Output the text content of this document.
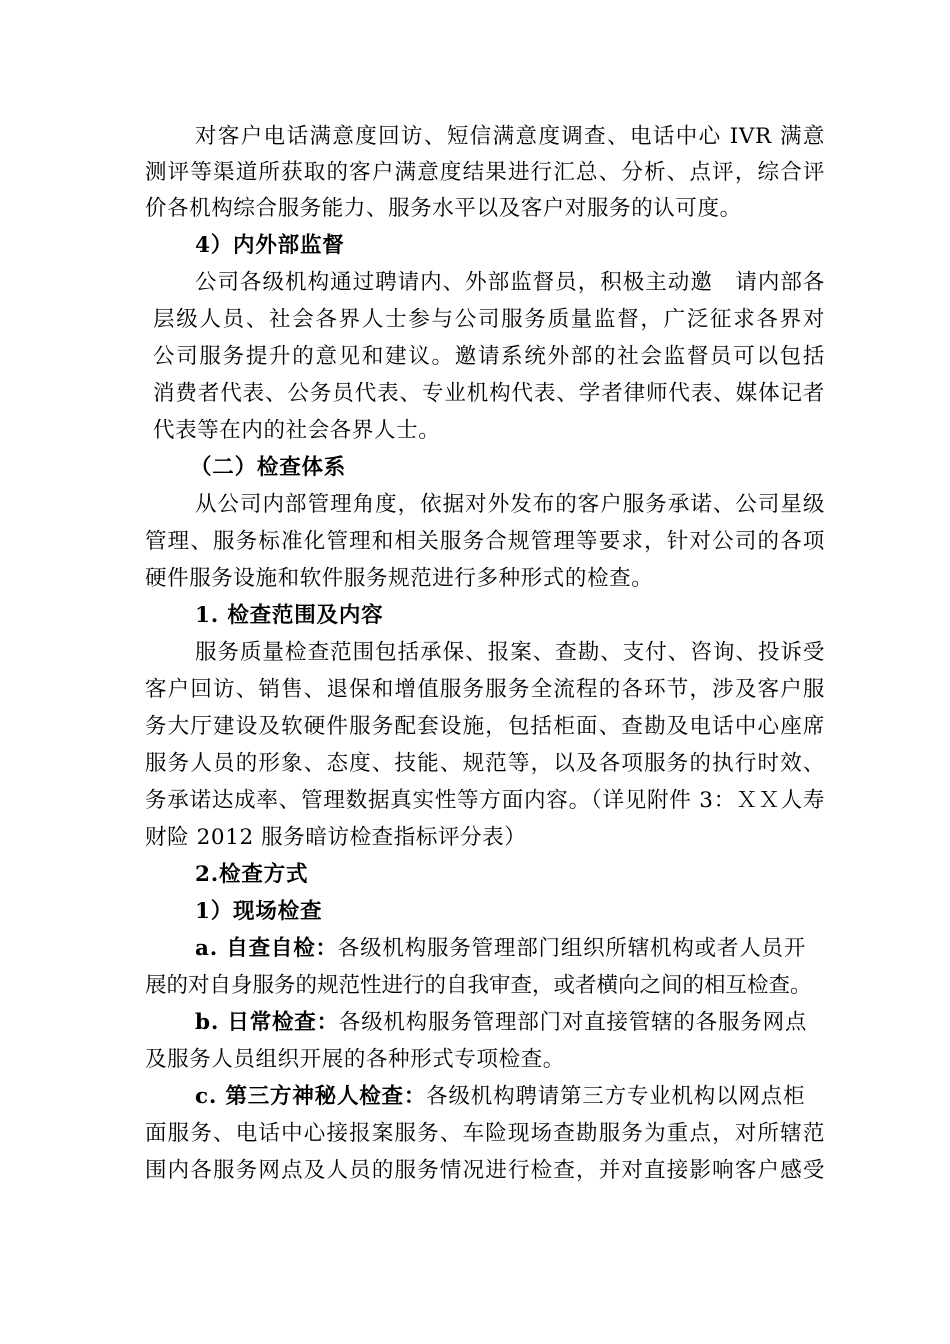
对客户电话满意度回访、短信满意度调查、电话中心 IVR 满意
测评等渠道所获取的客户满意度结果进行汇总、分析、点评，综合评
价各机构综合服务能力、服务水平以及客户对服务的认可度。
4）内外部监督
公司各级机构通过聘请内、外部监督员，积极主动邀　请内部各
层级人员、社会各界人士参与公司服务质量监督，广泛征求各界对
公司服务提升的意见和建议。邀请系统外部的社会监督员可以包括
消费者代表、公务员代表、专业机构代表、学者律师代表、媒体记者
代表等在内的社会各界人士。
（二）检查体系
从公司内部管理角度，依据对外发布的客户服务承诺、公司星级
管理、服务标准化管理和相关服务合规管理等要求，针对公司的各项
硬件服务设施和软件服务规范进行多种形式的检查。
1. 检查范围及内容
服务质量检查范围包括承保、报案、查勘、支付、咨询、投诉受
客户回访、销售、退保和增值服务服务全流程的各环节，涉及客户服
务大厅建设及软硬件服务配套设施，包括柜面、查勘及电话中心座席
服务人员的形象、态度、技能、规范等，以及各项服务的执行时效、
务承诺达成率、管理数据真实性等方面内容。（详见附件 3：ＸＸ人寿
财险 2012 服务暗访检查指标评分表）
2.检查方式
1）现场检查
a. 自查自检：各级机构服务管理部门组织所辖机构或者人员开
展的对自身服务的规范性进行的自我审查，或者横向之间的相互检查。
b. 日常检查：各级机构服务管理部门对直接管辖的各服务网点
及服务人员组织开展的各种形式专项检查。
c. 第三方神秘人检查：各级机构聘请第三方专业机构以网点柜
面服务、电话中心接报案服务、车险现场查勘服务为重点，对所辖范
围内各服务网点及人员的服务情况进行检查，并对直接影响客户感受
